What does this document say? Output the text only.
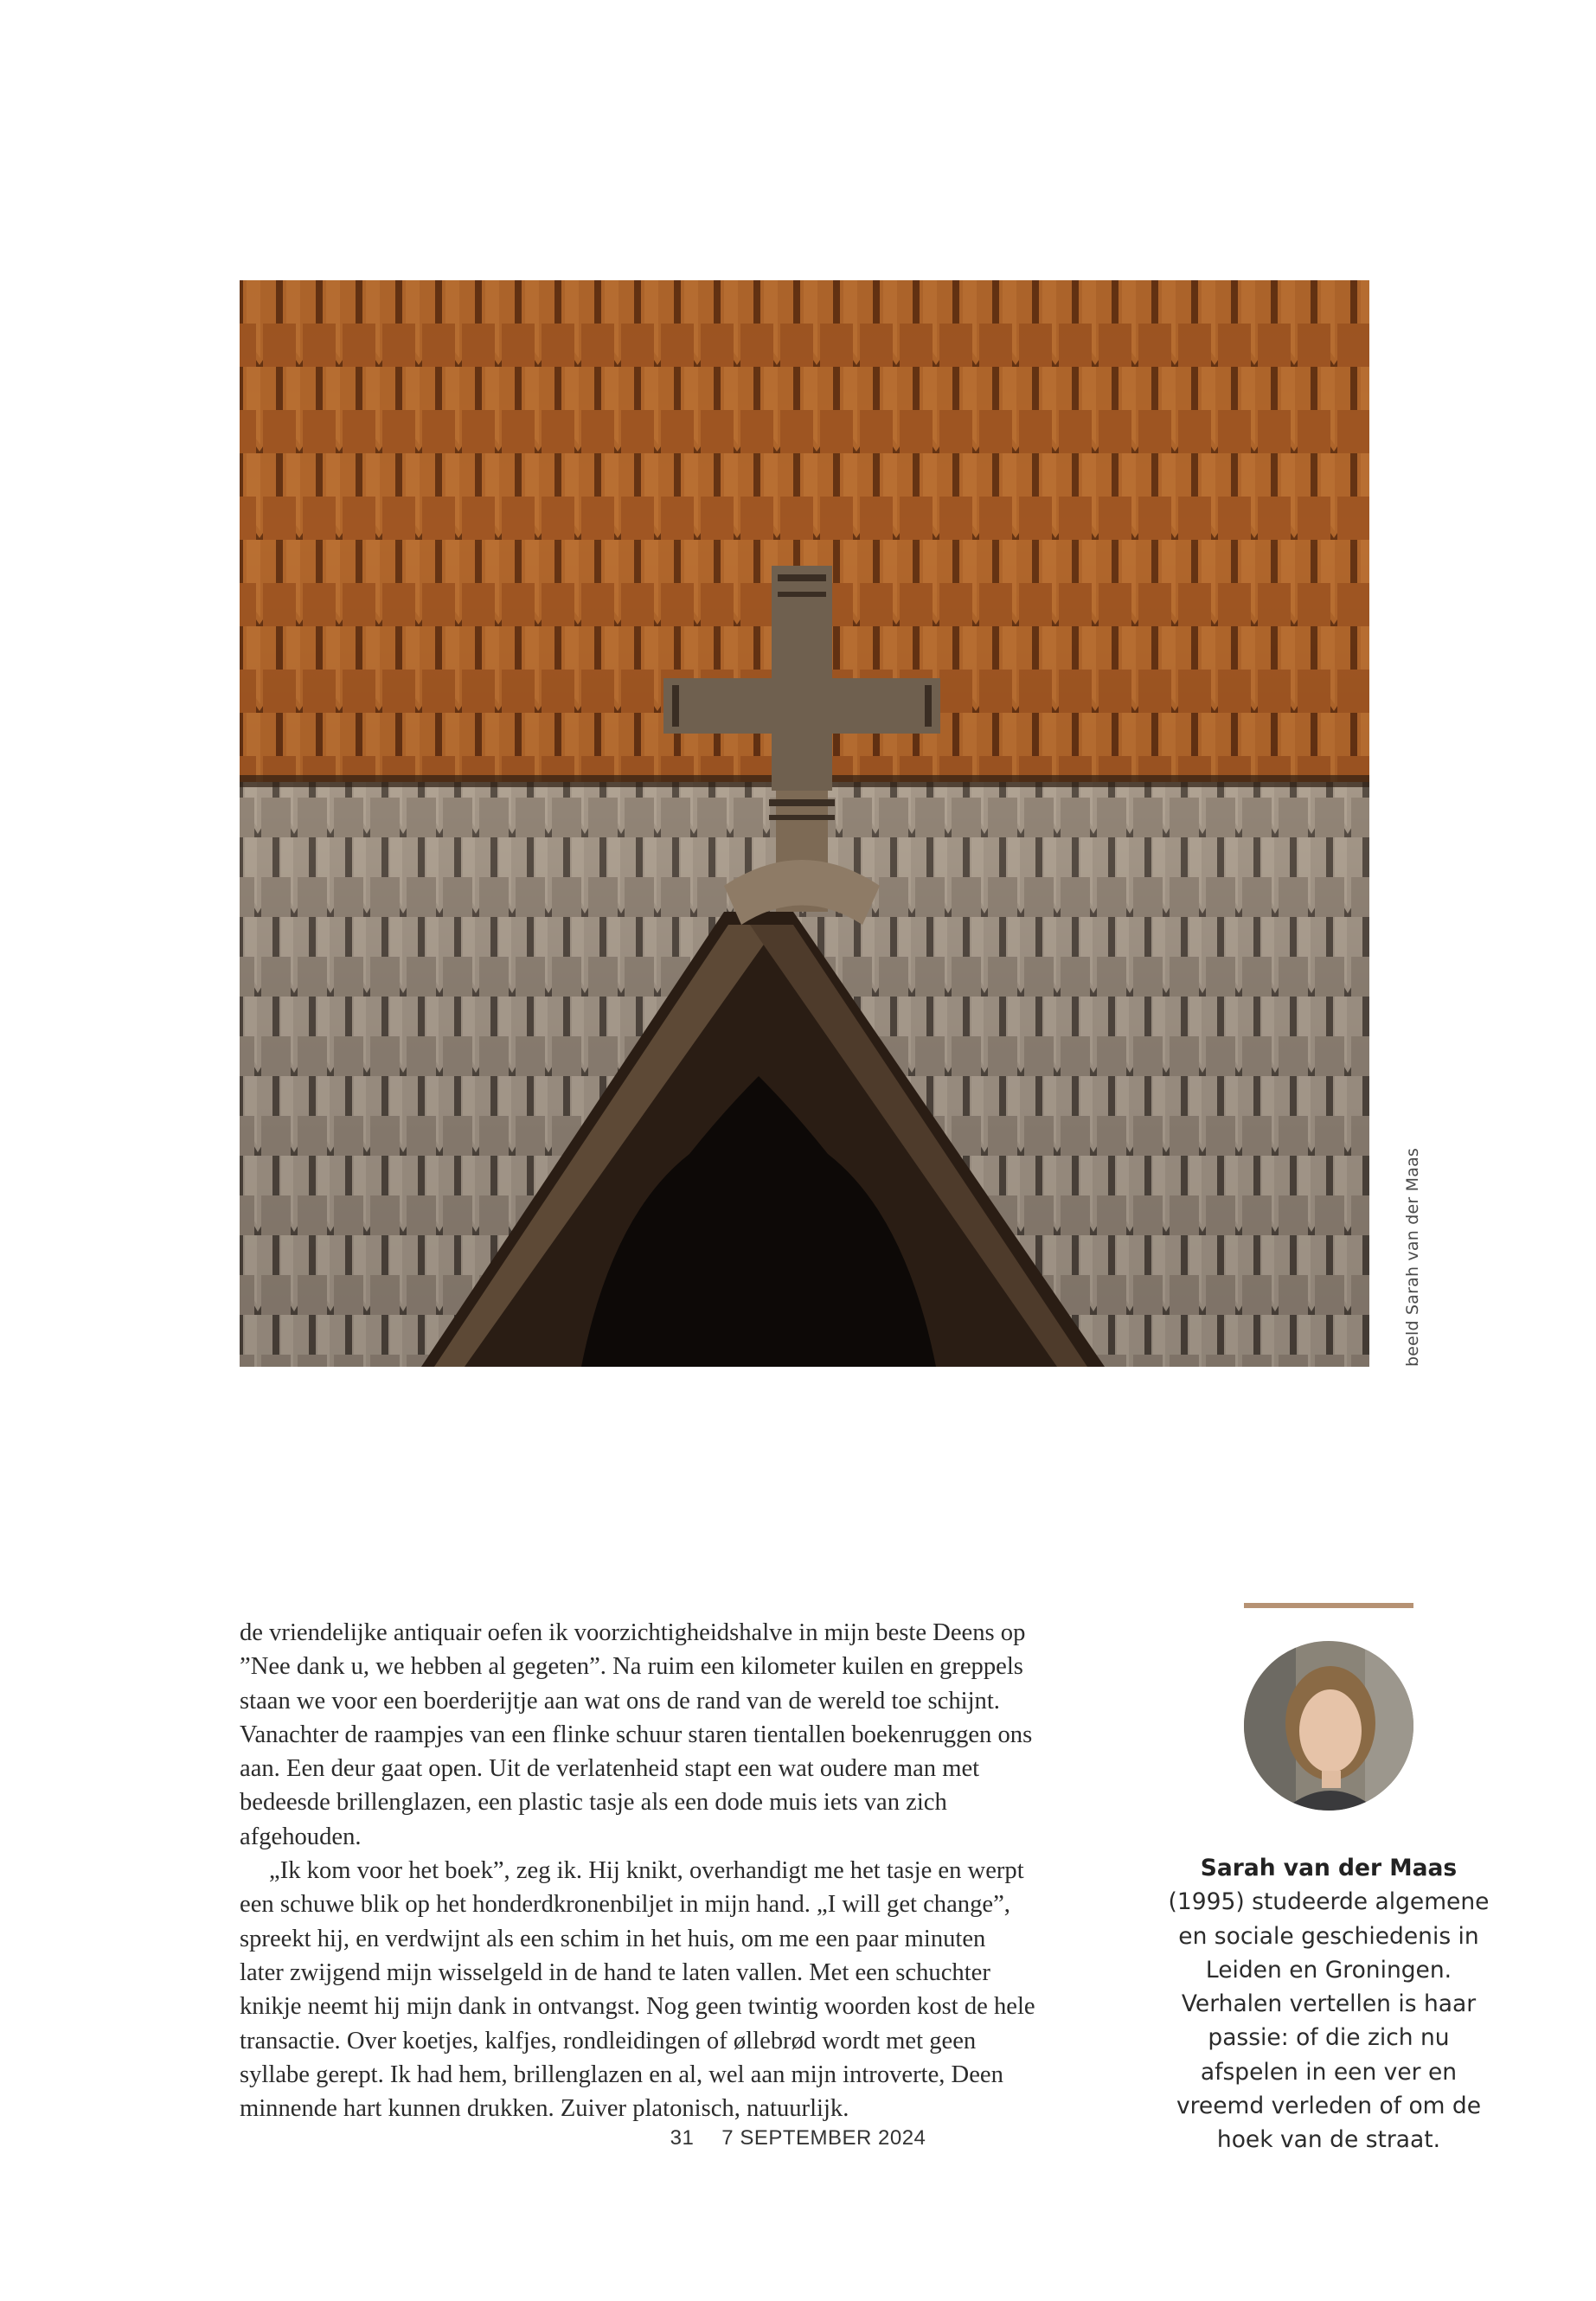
beeld Sarah van der Maas

de vriendelijke antiquair oefen ik voorzichtigheidshalve in mijn beste Deens op ”Nee dank u, we hebben al gegeten”. Na ruim een kilometer kuilen en greppels staan we voor een boerderijtje aan wat ons de rand van de wereld toe schijnt. Vanachter de raampjes van een flinke schuur staren tientallen boekenruggen ons aan. Een deur gaat open. Uit de verlatenheid stapt een wat oudere man met bedeesde brillenglazen, een plastic tasje als een dode muis iets van zich afgehouden.

„Ik kom voor het boek”, zeg ik. Hij knikt, overhandigt me het tasje en werpt een schuwe blik op het honderdkronenbiljet in mijn hand. „I will get change”, spreekt hij, en verdwijnt als een schim in het huis, om me een paar minuten later zwijgend mijn wisselgeld in de hand te laten vallen. Met een schuchter knikje neemt hij mijn dank in ontvangst. Nog geen twintig woorden kost de hele transactie. Over koetjes, kalfjes, rondleidingen of øllebrød wordt met geen syllabe gerept. Ik had hem, brillenglazen en al, wel aan mijn introverte, Deen minnende hart kunnen drukken. Zuiver platonisch, natuurlijk.

Sarah van der Maas (1995) studeerde algemene en sociale geschiedenis in Leiden en Groningen. Verhalen vertellen is haar passie: of die zich nu afspelen in een ver en vreemd verleden of om de hoek van de straat.
31 7 SEPTEMBER 2024
